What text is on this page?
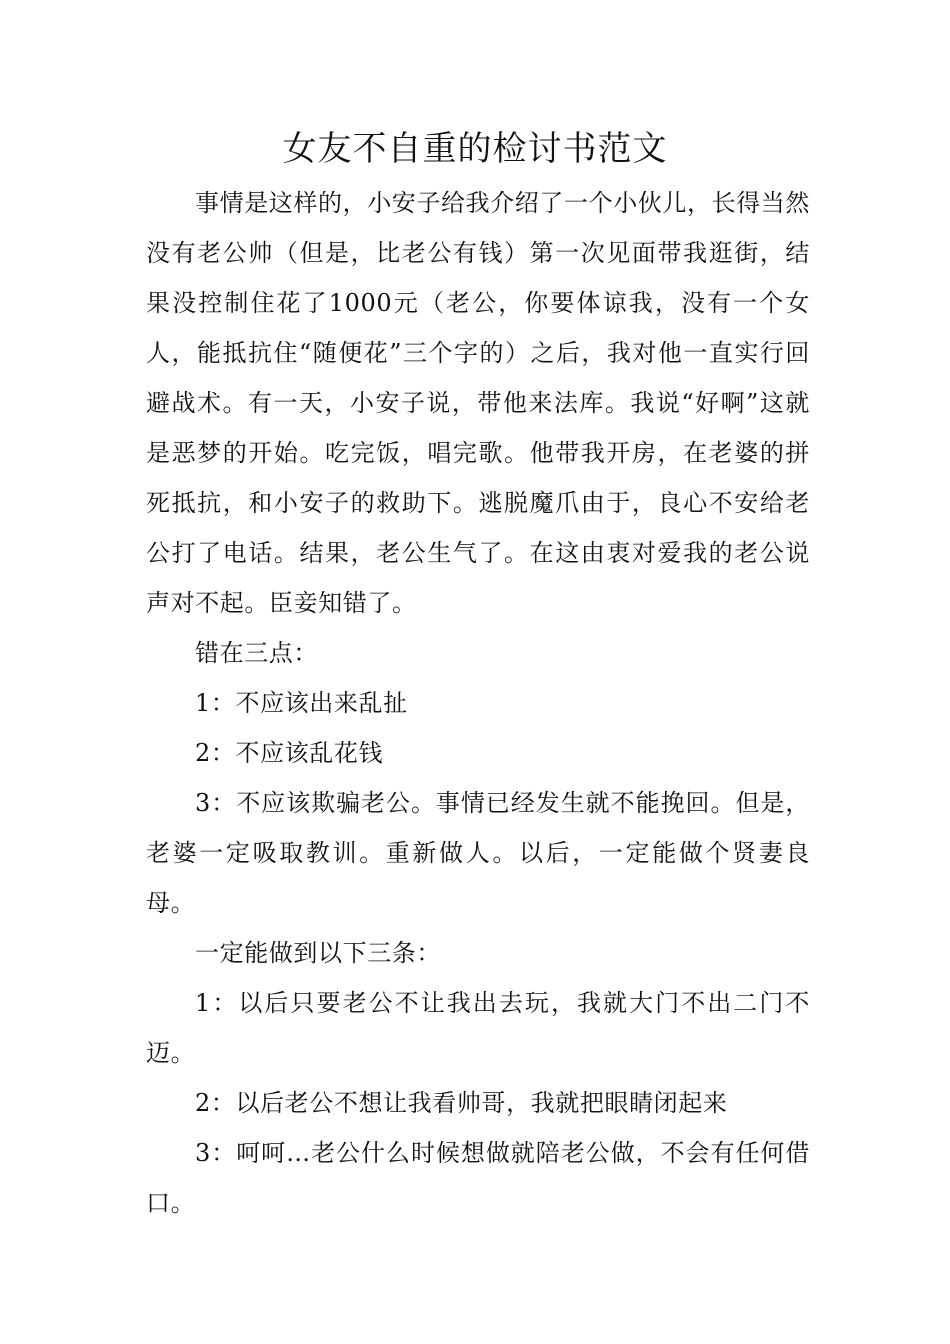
女友不自重的检讨书范文

事情是这样的，小安子给我介绍了一个小伙儿，长得当然没有老公帅（但是，比老公有钱）第一次见面带我逛街，结果没控制住花了1000元（老公，你要体谅我，没有一个女人，能抵抗住“随便花”三个字的）之后，我对他一直实行回避战术。有一天，小安子说，带他来法库。我说“好啊”这就是恶梦的开始。吃完饭，唱完歌。他带我开房，在老婆的拼死抵抗，和小安子的救助下。逃脱魔爪由于，良心不安给老公打了电话。结果，老公生气了。在这由衷对爱我的老公说声对不起。臣妾知错了。

错在三点：

1：不应该出来乱扯

2：不应该乱花钱

3：不应该欺骗老公。事情已经发生就不能挽回。但是，老婆一定吸取教训。重新做人。以后，一定能做个贤妻良母。

一定能做到以下三条：

1：以后只要老公不让我出去玩，我就大门不出二门不迈。

2：以后老公不想让我看帅哥，我就把眼睛闭起来

3：呵呵…老公什么时候想做就陪老公做，不会有任何借口。
